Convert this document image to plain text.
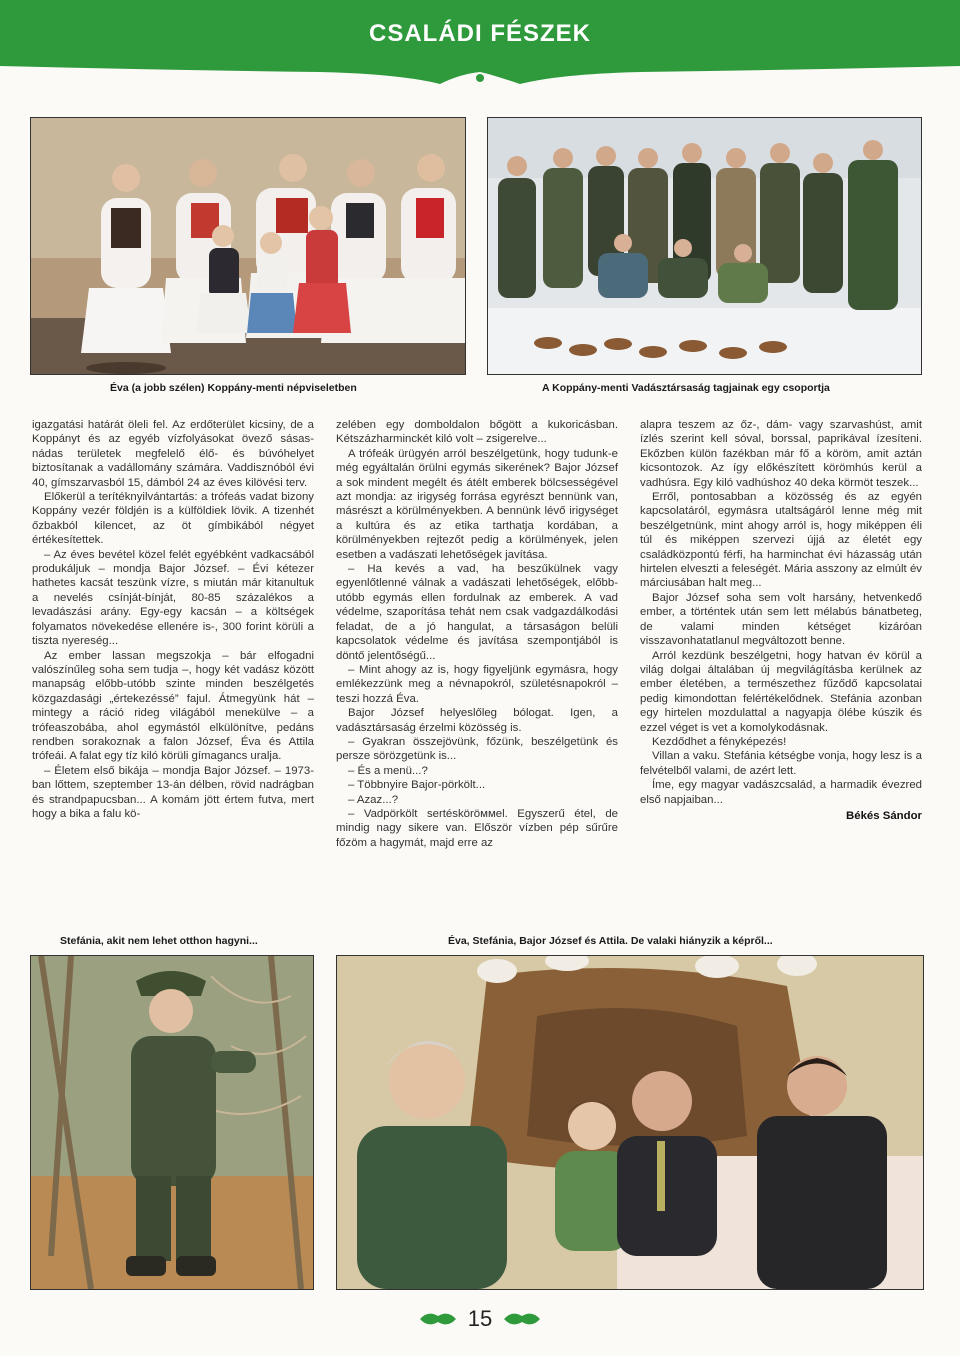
CSALÁDI FÉSZEK
Éva (a jobb szélen) Koppány-menti népviseletben	A Koppány-menti Vadásztársaság tagjainak egy csoportja

igazgatási határát öleli fel. Az erdőterület kicsiny, de a Koppányt és az egyéb vízfolyásokat övező sásas-nádas területek megfelelő élő- és búvóhelyet biztosítanak a vadállomány számára. Vaddisznóból évi 40, gímszarvasból 15, dámból 24 az éves kilövési terv.

Előkerül a terítéknyilvántartás: a trófeás vadat bizony Koppány vezér földjén is a külföldiek lövik. A tizenhét őzbakból kilencet, az öt gímbikából négyet értékesítettek.

– Az éves bevétel közel felét egyébként vadkacsából produkáljuk – mondja Bajor József. – Évi kétezer hathetes kacsát teszünk vízre, s miután már kitanultuk a nevelés csínját-bínját, 80-85 százalékos a levadászási arány. Egy-egy kacsán – a költségek folyamatos növekedése ellenére is-, 300 forint körüli a tiszta nyereség...

Az ember lassan megszokja – bár elfogadni valószínűleg soha sem tudja –, hogy két vadász között manapság előbb-utóbb szinte minden beszélgetés közgazdasági „értekezéssé” fajul. Átmegyünk hát – mintegy a ráció rideg világából menekülve – a trófeaszobába, ahol egymástól elkülönítve, pedáns rendben sorakoznak a falon József, Éva és Attila trófeái. A falat egy tíz kiló körüli gímagancs uralja.

– Életem első bikája – mondja Bajor József. – 1973-ban lőttem, szeptember 13-án délben, rövid nadrágban és strandpapucsban... A komám jött értem futva, mert hogy a bika a falu kö-

zelében egy domboldalon bőgött a kukoricásban. Kétszázharminckét kiló volt – zsigerelve...

A trófeák ürügyén arról beszélgetünk, hogy tudunk-e még egyáltalán örülni egymás sikerének? Bajor József a sok mindent megélt és átélt emberek bölcsességével azt mondja: az irigység forrása egyrészt bennünk van, másrészt a körülményekben. A bennünk lévő irigységet a kultúra és az etika tarthatja kordában, a körülményekben rejtezőt pedig a körülmények, jelen esetben a vadászati lehetőségek javítása.

– Ha kevés a vad, ha beszűkülnek vagy egyenlőtlenné válnak a vadászati lehetőségek, előbb-utóbb egymás ellen fordulnak az emberek. A vad védelme, szaporítása tehát nem csak vadgazdálkodási feladat, de a jó hangulat, a társaságon belüli kapcsolatok védelme és javítása szempontjából is döntő jelentőségű...

– Mint ahogy az is, hogy figyeljünk egymásra, hogy emlékezzünk meg a névnapokról, születésnapokról – teszi hozzá Éva.

Bajor József helyeslőleg bólogat. Igen, a vadásztársaság érzelmi közösség is.

– Gyakran összejövünk, főzünk, beszélgetünk és persze sörözgetünk is...

– És a menü...?

– Többnyire Bajor-pörkölt...

– Azaz...?

– Vadpörkölt sertésköröммel. Egyszerű étel, de mindig nagy sikere van. Először vízben pép sűrűre főzöm a hagymát, majd erre az

alapra teszem az őz-, dám- vagy szarvashúst, amit ízlés szerint kell sóval, borssal, paprikával ízesíteni. Ekőzben külön fazékban már fő a köröm, amit aztán kicsontozok. Az így előkészített körömhús kerül a vadhúsra. Egy kiló vadhúshoz 40 deka körmöt teszek...

Erről, pontosabban a közösség és az egyén kapcsolatáról, egymásra utaltságáról lenne még mit beszélgetnünk, mint ahogy arról is, hogy miképpen éli túl és miképpen szervezi újjá az életét egy családközpontú férfi, ha harminchat évi házasság után hirtelen elveszti a feleségét. Mária asszony az elmúlt év márciusában halt meg...

Bajor József soha sem volt harsány, hetvenkedő ember, a történtek után sem lett mélabús bánatbeteg, de valami minden kétséget kizáróan visszavonhatatlanul megváltozott benne.

Arról kezdünk beszélgetni, hogy hatvan év körül a világ dolgai általában új megvilágításba kerülnek az ember életében, a természethez fűződő kapcsolatai pedig kimondottan felértékelődnek. Stefánia azonban egy hirtelen mozdulattal a nagyapja ölébe kúszik és ezzel véget is vet a komolykodásnak.

Kezdődhet a fényképezés!

Villan a vaku. Stefánia kétségbe vonja, hogy lesz is a felvételből valami, de azért lett.

Íme, egy magyar vadászcsalád, a harmadik évezred első napjaiban...

Békés Sándor

Stefánia, akit nem lehet otthon hagyni...	Éva, Stefánia, Bajor József és Attila. De valaki hiányzik a képről...
15
